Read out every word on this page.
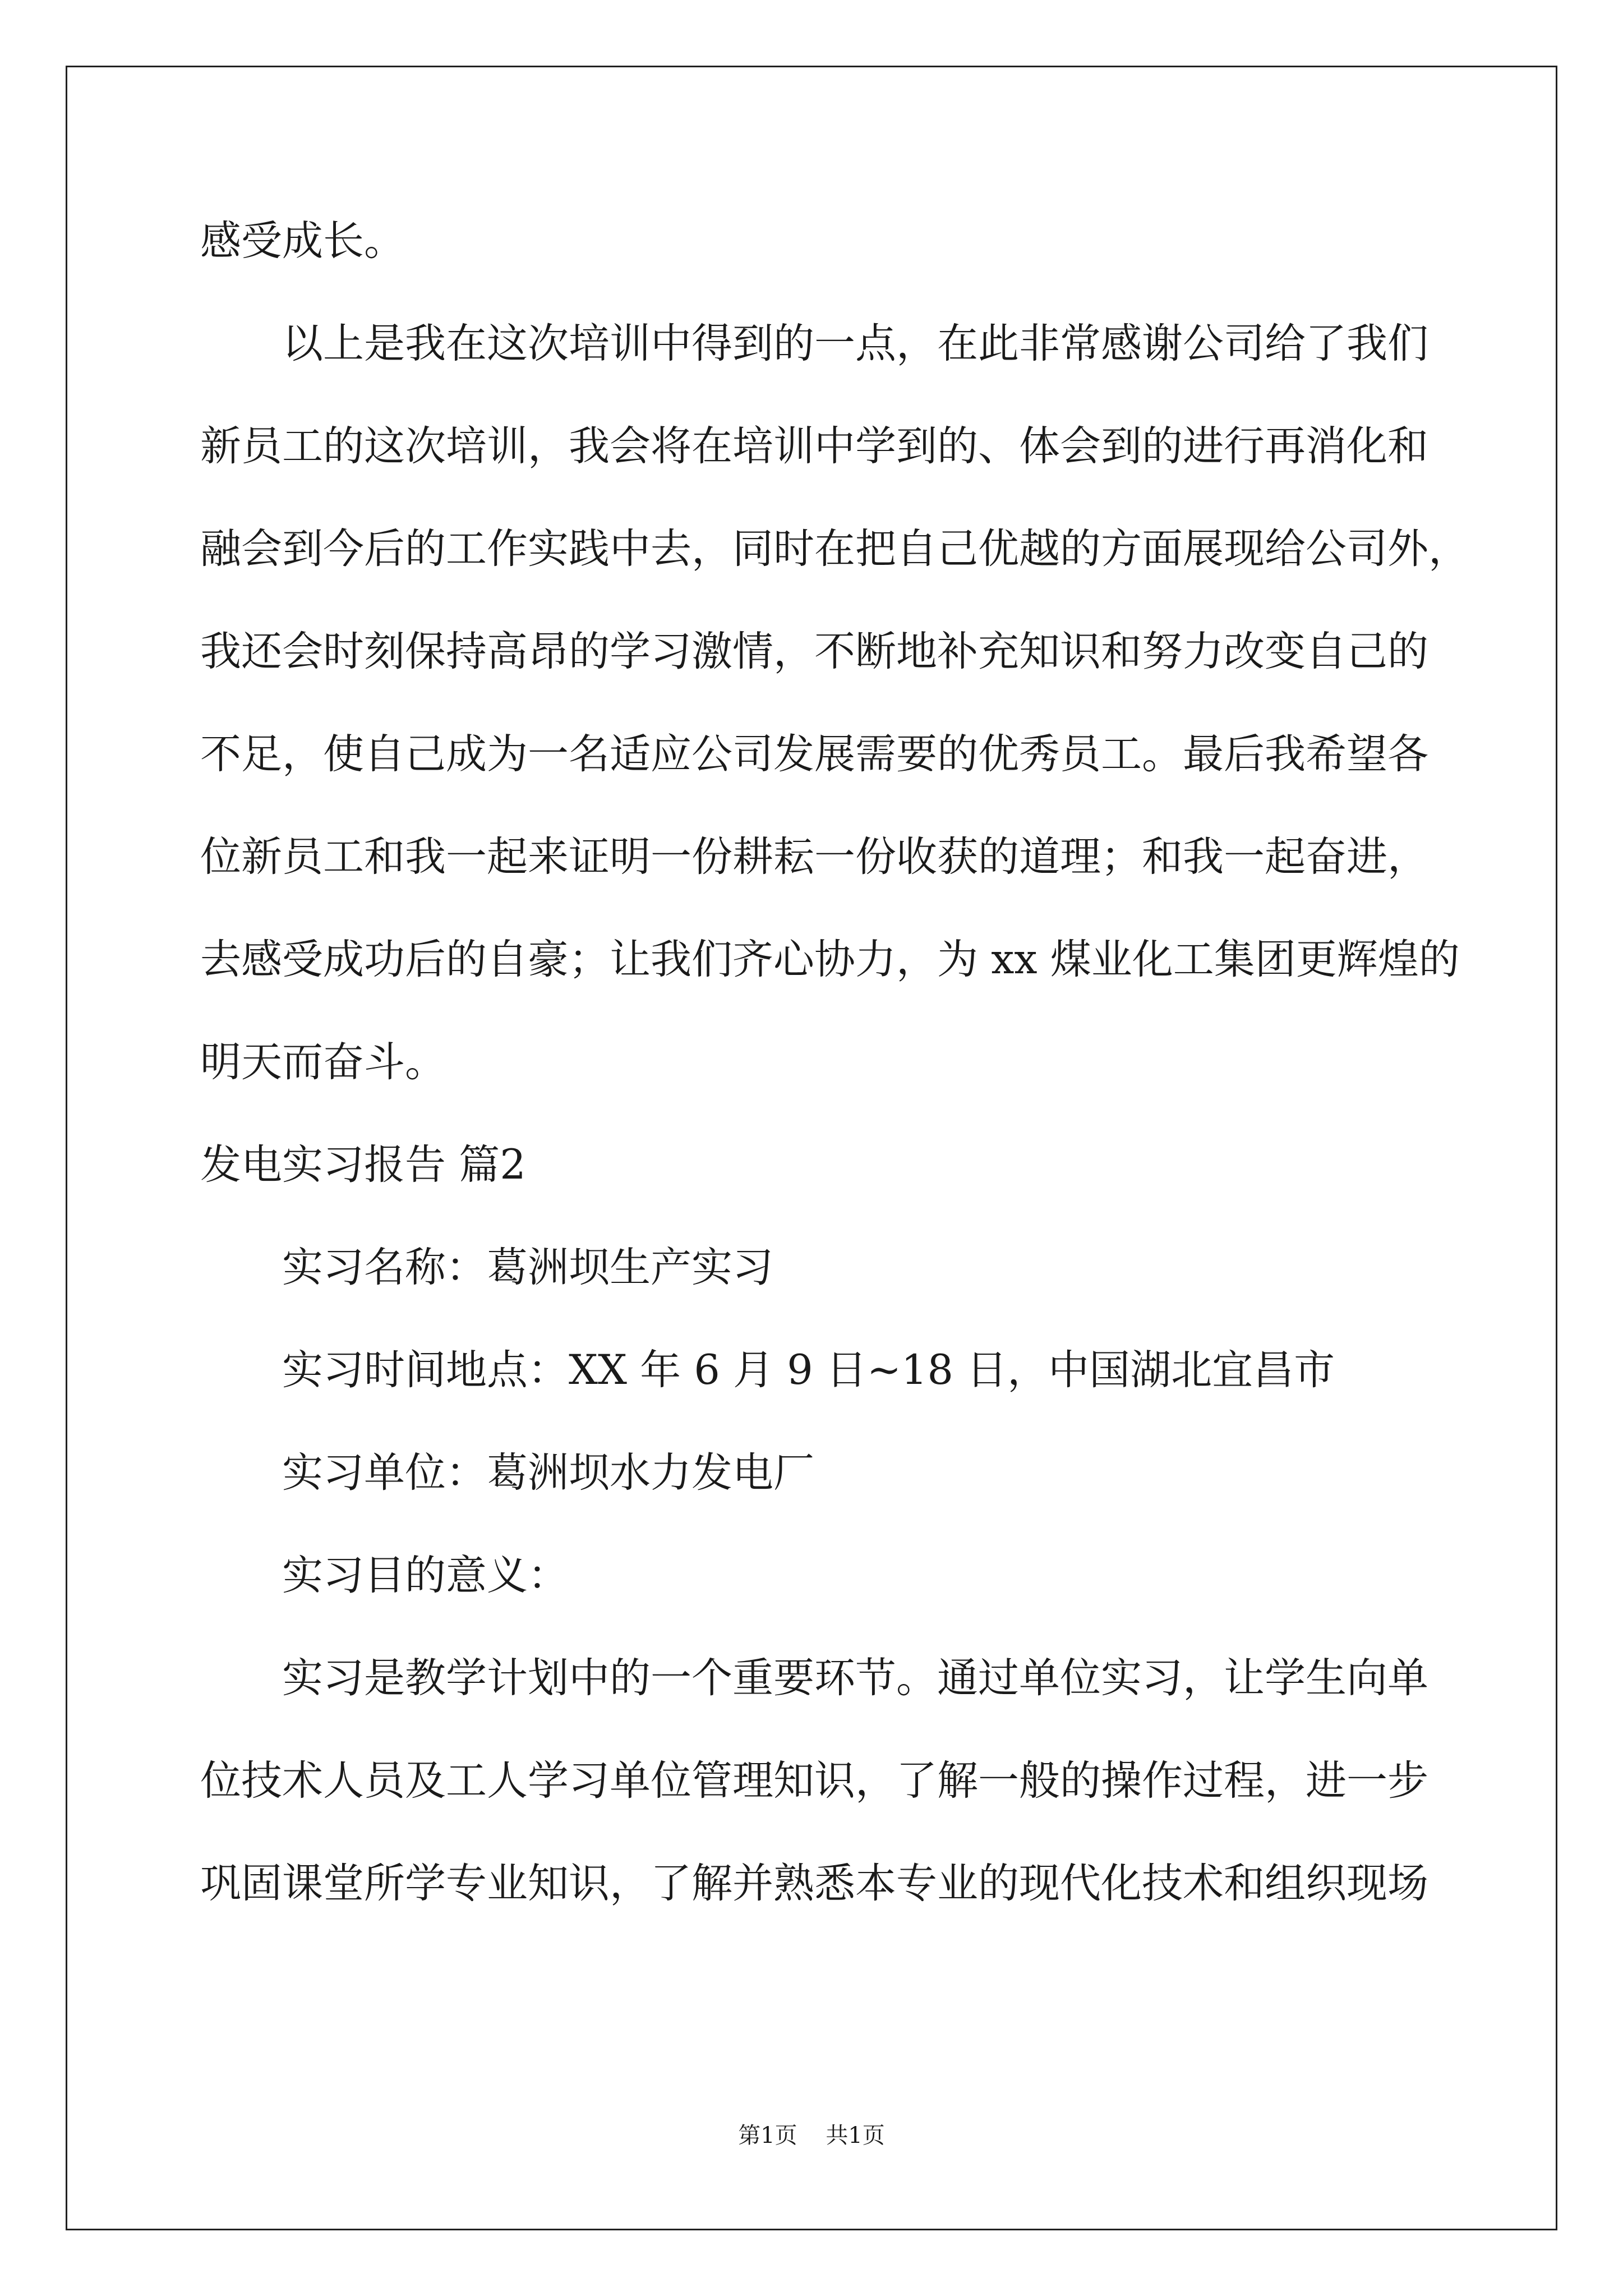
感受成长。
以上是我在这次培训中得到的一点，在此非常感谢公司给了我们
新员工的这次培训，我会将在培训中学到的、体会到的进行再消化和
融会到今后的工作实践中去，同时在把自己优越的方面展现给公司外，
我还会时刻保持高昂的学习激情，不断地补充知识和努力改变自己的
不足，使自己成为一名适应公司发展需要的优秀员工。最后我希望各
位新员工和我一起来证明一份耕耘一份收获的道理；和我一起奋进，
去感受成功后的自豪；让我们齐心协力，为 xx 煤业化工集团更辉煌的
明天而奋斗。
发电实习报告 篇2
实习名称：葛洲坝生产实习
实习时间地点：XX 年 6 月 9 日~18 日，中国湖北宜昌市
实习单位：葛洲坝水力发电厂
实习目的意义：
实习是教学计划中的一个重要环节。通过单位实习，让学生向单
位技术人员及工人学习单位管理知识，了解一般的操作过程，进一步
巩固课堂所学专业知识，了解并熟悉本专业的现代化技术和组织现场
第1页 共1页
